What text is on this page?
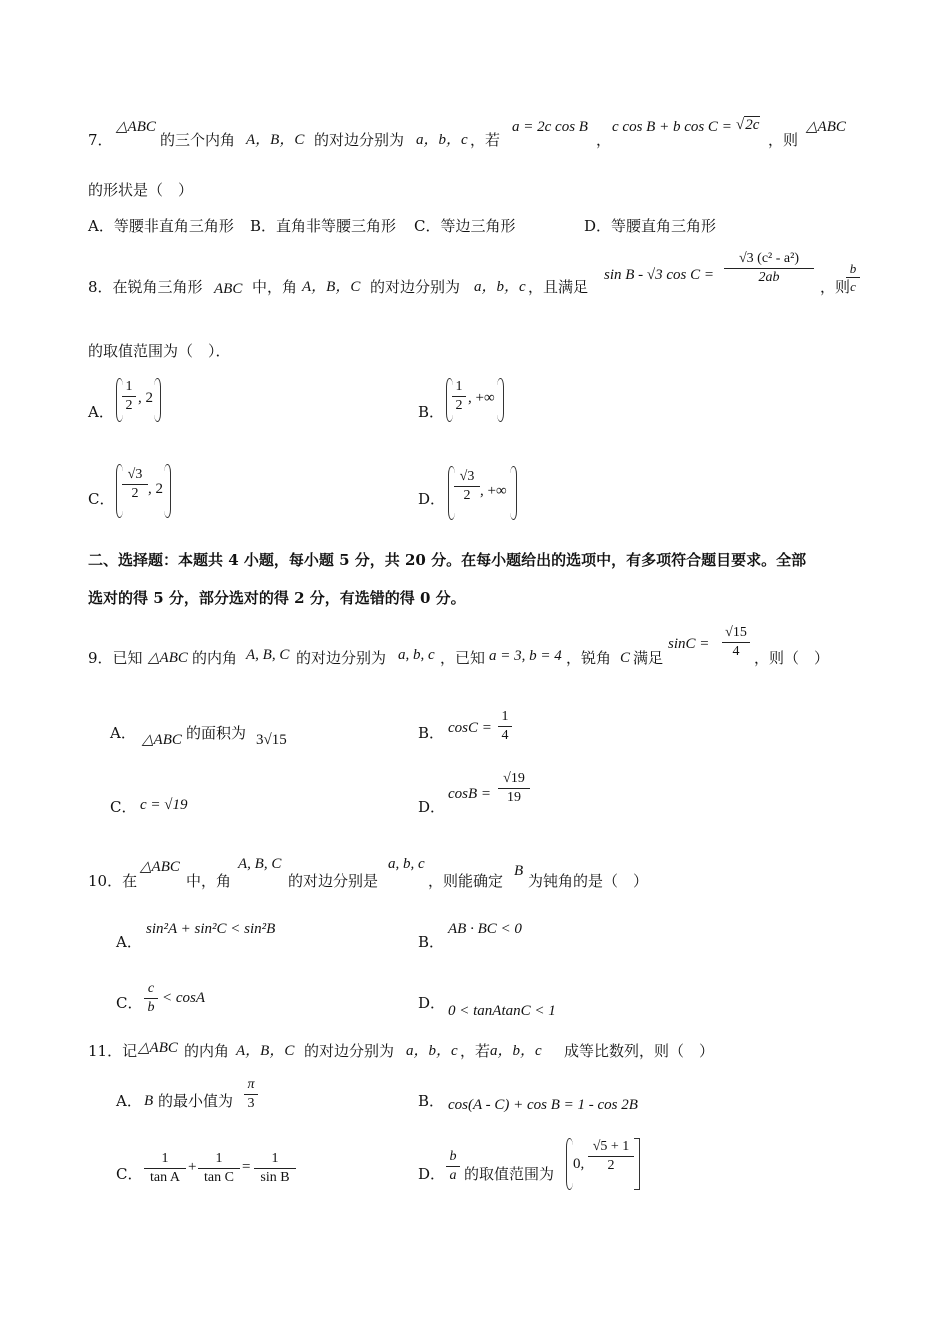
7．
△ABC
的三个内角 A，B，C 的对边分别为 a，b，c ，若
a = 2c cos B
，
c cos B + b cos C = √2c
，则
△ABC
的形状是（　）
A．等腰非直角三角形 B．直角非等腰三角形 C．等边三角形	D．等腰直角三角形
8．在锐角三角形 ABC 中，角 A，B，C 的对边分别为 a，b，c ，且满足
sin B - √3 cos C =
√3 (c² - a²)
2ab
，则
b
c
的取值范围为（　）．
A．
1
2 , 2
B．
1
2 , +∞
C．
√3
2 , 2
D．
√3
2 , +∞
二、选择题：本题共 4 小题，每小题 5 分，共 20 分。在每小题给出的选项中，有多项符合题目要求。全部
选对的得 5 分，部分选对的得 2 分，有选错的得 0 分。
9．已知 △ABC 的内角 A, B, C 的对边分别为 a, b, c ，已知 a = 3, b = 4 ，锐角 C 满足
sinC =
√15
4 ，则（　）
A． △ABC 的面积为 3√15	B． cosC =
1
4
C． c = √19	D．
cosB =
√19
19
10．在
△ABC
中，角
A, B, C
的对边分别是
a, b, c
，则能确定
B
为钝角的是（　）
A．
sin²A + sin²C < sin²B
B．
AB · BC < 0
C．
c
b
< cosA	D． 0 < tanAtanC < 1
11．记 △ABC 的内角 A，B，C 的对边分别为 a，b，c ，若 a，b，c 成等比数列，则（　）
A． B 的最小值为
π
3	B． cos(A - C) + cos B = 1 - cos 2B
C．
1
tan A
+
1
tan C
=
1
sin B	D．
b
a 的取值范围为
0,
√5 + 1
2
